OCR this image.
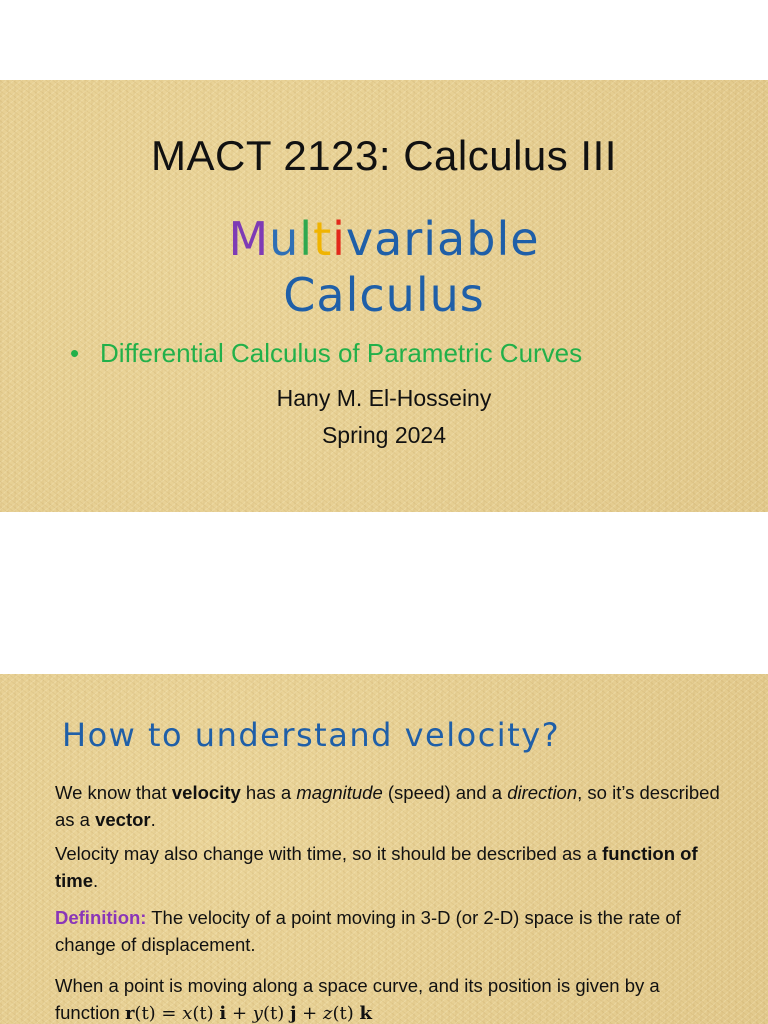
MACT 2123: Calculus III
Multivariable
Calculus
• Differential Calculus of Parametric Curves
Hany M. El-Hosseiny
Spring 2024
How to understand velocity?
We know that velocity has a magnitude (speed) and a direction, so it’s described as a vector.
Velocity may also change with time, so it should be described as a function of time.
Definition: The velocity of a point moving in 3-D (or 2-D) space is the rate of change of displacement.
When a point is moving along a space curve, and its position is given by a function r(t) = x(t) i + y(t) j + z(t) k
